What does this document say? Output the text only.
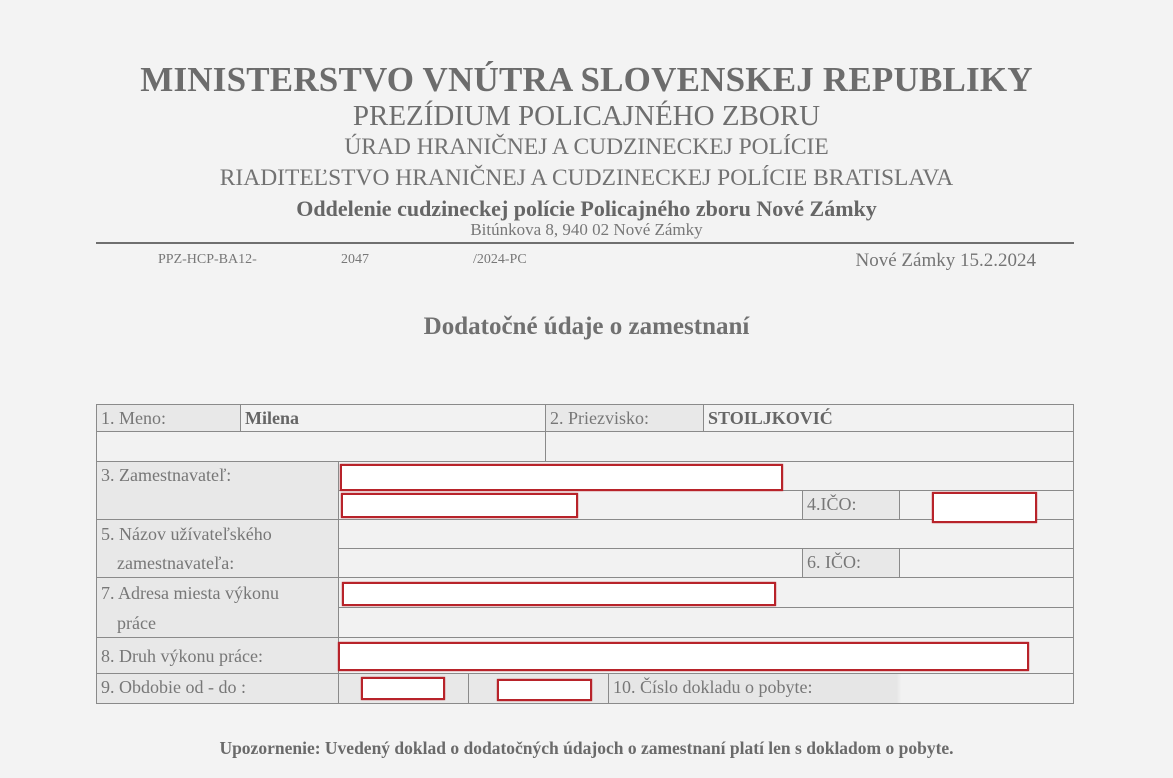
MINISTERSTVO VNÚTRA SLOVENSKEJ REPUBLIKY
PREZÍDIUM POLICAJNÉHO ZBORU
ÚRAD HRANIČNEJ A CUDZINECKEJ POLÍCIE
RIADITEĽSTVO HRANIČNEJ A CUDZINECKEJ POLÍCIE BRATISLAVA
Oddelenie cudzineckej polície Policajného zboru Nové Zámky
Bitúnkova 8, 940 02 Nové Zámky
PPZ-HCP-BA12-	2047	/2024-PC	Nové Zámky 15.2.2024
Dodatočné údaje o zamestnaní
1. Meno:	Milena	2. Priezvisko:	STOILJKOVIĆ
3. Zamestnavateľ:
4.IČO:
5. Názov užívateľského
zamestnavateľa:	6. IČO:
7. Adresa miesta výkonu
práce
8. Druh výkonu práce:
9. Obdobie od - do :	10. Číslo dokladu o pobyte:
Upozornenie: Uvedený doklad o dodatočných údajoch o zamestnaní platí len s dokladom o pobyte.
